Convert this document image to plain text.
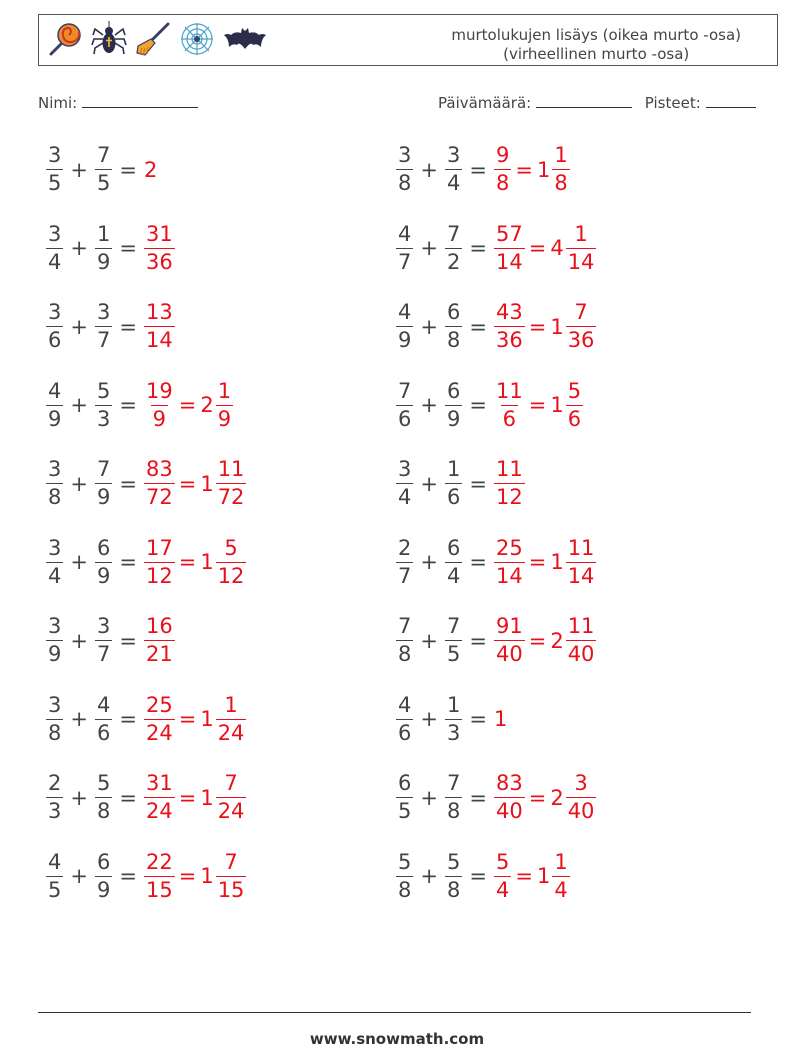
murtolukujen lisäys (oikea murto -osa)
(virheellinen murto -osa)
Nimi:	Päivämäärä:	Pisteet:
$\frac{3}{5} + \frac{7}{5} = 2$	$\frac{3}{8} + \frac{3}{4} = \frac{9}{8} = 1 \frac{1}{8}$
$\frac{3}{4} + \frac{1}{9} = \frac{31}{36}$	$\frac{4}{7} + \frac{7}{2} = \frac{57}{14} = 4 \frac{1}{14}$
$\frac{3}{6} + \frac{3}{7} = \frac{13}{14}$	$\frac{4}{9} + \frac{6}{8} = \frac{43}{36} = 1 \frac{7}{36}$
$\frac{4}{9} + \frac{5}{3} = \frac{19}{9} = 2 \frac{1}{9}$	$\frac{7}{6} + \frac{6}{9} = \frac{11}{6} = 1 \frac{5}{6}$
$\frac{3}{8} + \frac{7}{9} = \frac{83}{72} = 1 \frac{11}{72}$	$\frac{3}{4} + \frac{1}{6} = \frac{11}{12}$
$\frac{3}{4} + \frac{6}{9} = \frac{17}{12} = 1 \frac{5}{12}$	$\frac{2}{7} + \frac{6}{4} = \frac{25}{14} = 1 \frac{11}{14}$
$\frac{3}{9} + \frac{3}{7} = \frac{16}{21}$	$\frac{7}{8} + \frac{7}{5} = \frac{91}{40} = 2 \frac{11}{40}$
$\frac{3}{8} + \frac{4}{6} = \frac{25}{24} = 1 \frac{1}{24}$	$\frac{4}{6} + \frac{1}{3} = 1$
$\frac{2}{3} + \frac{5}{8} = \frac{31}{24} = 1 \frac{7}{24}$	$\frac{6}{5} + \frac{7}{8} = \frac{83}{40} = 2 \frac{3}{40}$
$\frac{4}{5} + \frac{6}{9} = \frac{22}{15} = 1 \frac{7}{15}$	$\frac{5}{8} + \frac{5}{8} = \frac{5}{4} = 1 \frac{1}{4}$
www.snowmath.com
